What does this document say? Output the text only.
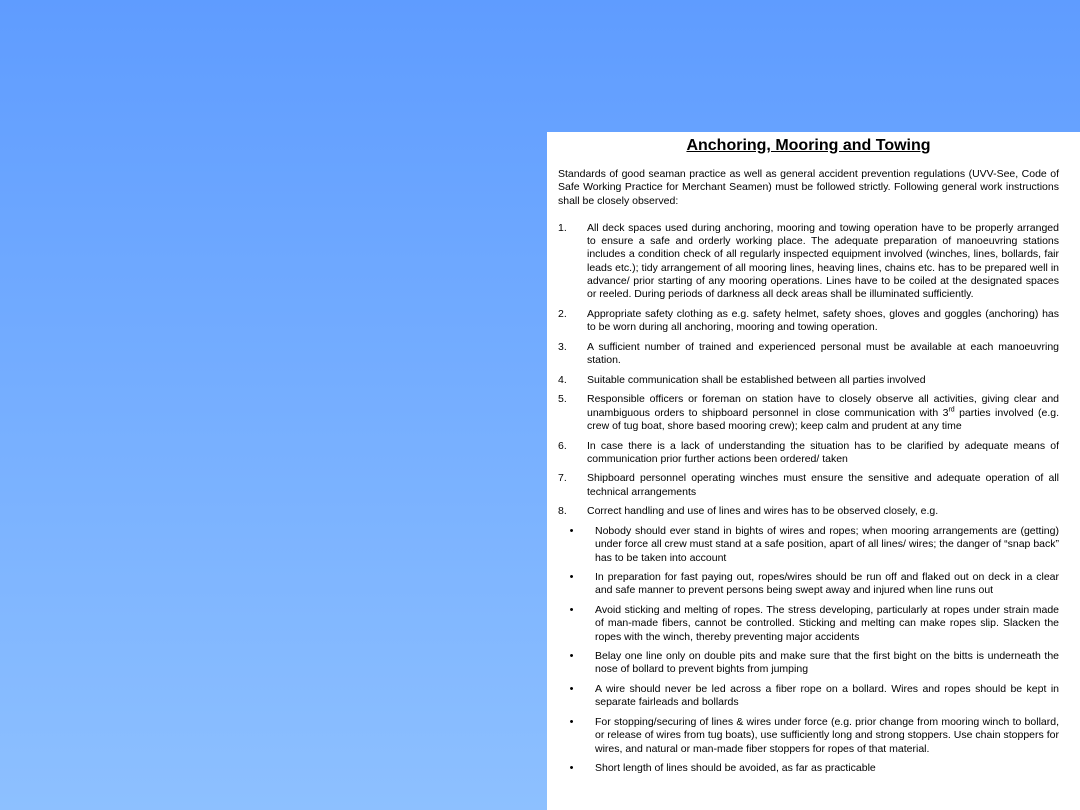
Anchoring, Mooring and Towing
Standards of good seaman practice as well as general accident prevention regulations (UVV-See, Code of Safe Working Practice for Merchant Seamen) must be followed strictly. Following general work instructions shall be closely observed:
1.	All deck spaces used during anchoring, mooring and towing operation have to be properly arranged to ensure a safe and orderly working place. The adequate preparation of manoeuvring stations includes a condition check of all regularly inspected equipment involved (winches, lines, bollards, fair leads etc.); tidy arrangement of all mooring lines, heaving lines, chains etc. has to be prepared well in advance/ prior starting of any mooring operations. Lines have to be coiled at the designated spaces or reeled. During periods of darkness all deck areas shall be illuminated sufficiently.
2.	Appropriate safety clothing as e.g. safety helmet, safety shoes, gloves and goggles (anchoring) has to be worn during all anchoring, mooring and towing operation.
3.	A sufficient number of trained and experienced personal must be available at each manoeuvring station.
4.	Suitable communication shall be established between all parties involved
5.	Responsible officers or foreman on station have to closely observe all activities, giving clear and unambiguous orders to shipboard personnel in close communication with 3rd parties involved (e.g. crew of tug boat, shore based mooring crew); keep calm and prudent at any time
6.	In case there is a lack of understanding the situation has to be clarified by adequate means of communication prior further actions been ordered/ taken
7.	Shipboard personnel operating winches must ensure the sensitive and adequate operation of all technical arrangements
8.	Correct handling and use of lines and wires has to be observed closely, e.g.
•	Nobody should ever stand in bights of wires and ropes; when mooring arrangements are (getting) under force all crew must stand at a safe position, apart of all lines/ wires; the danger of “snap back” has to be taken into account
•	In preparation for fast paying out, ropes/wires should be run off and flaked out on deck in a clear and safe manner to prevent persons being swept away and injured when line runs out
•	Avoid sticking and melting of ropes. The stress developing, particularly at ropes under strain made of man-made fibers, cannot be controlled. Sticking and melting can make ropes slip. Slacken the ropes with the winch, thereby preventing major accidents
•	Belay one line only on double pits and make sure that the first bight on the bitts is underneath the nose of bollard to prevent bights from jumping
•	A wire should never be led across a fiber rope on a bollard. Wires and ropes should be kept in separate fairleads and bollards
•	For stopping/securing of lines & wires under force (e.g. prior change from mooring winch to bollard, or release of wires from tug boats), use sufficiently long and strong stoppers. Use chain stoppers for wires, and natural or man-made fiber stoppers for ropes of that material.
•	Short length of lines should be avoided, as far as practicable
